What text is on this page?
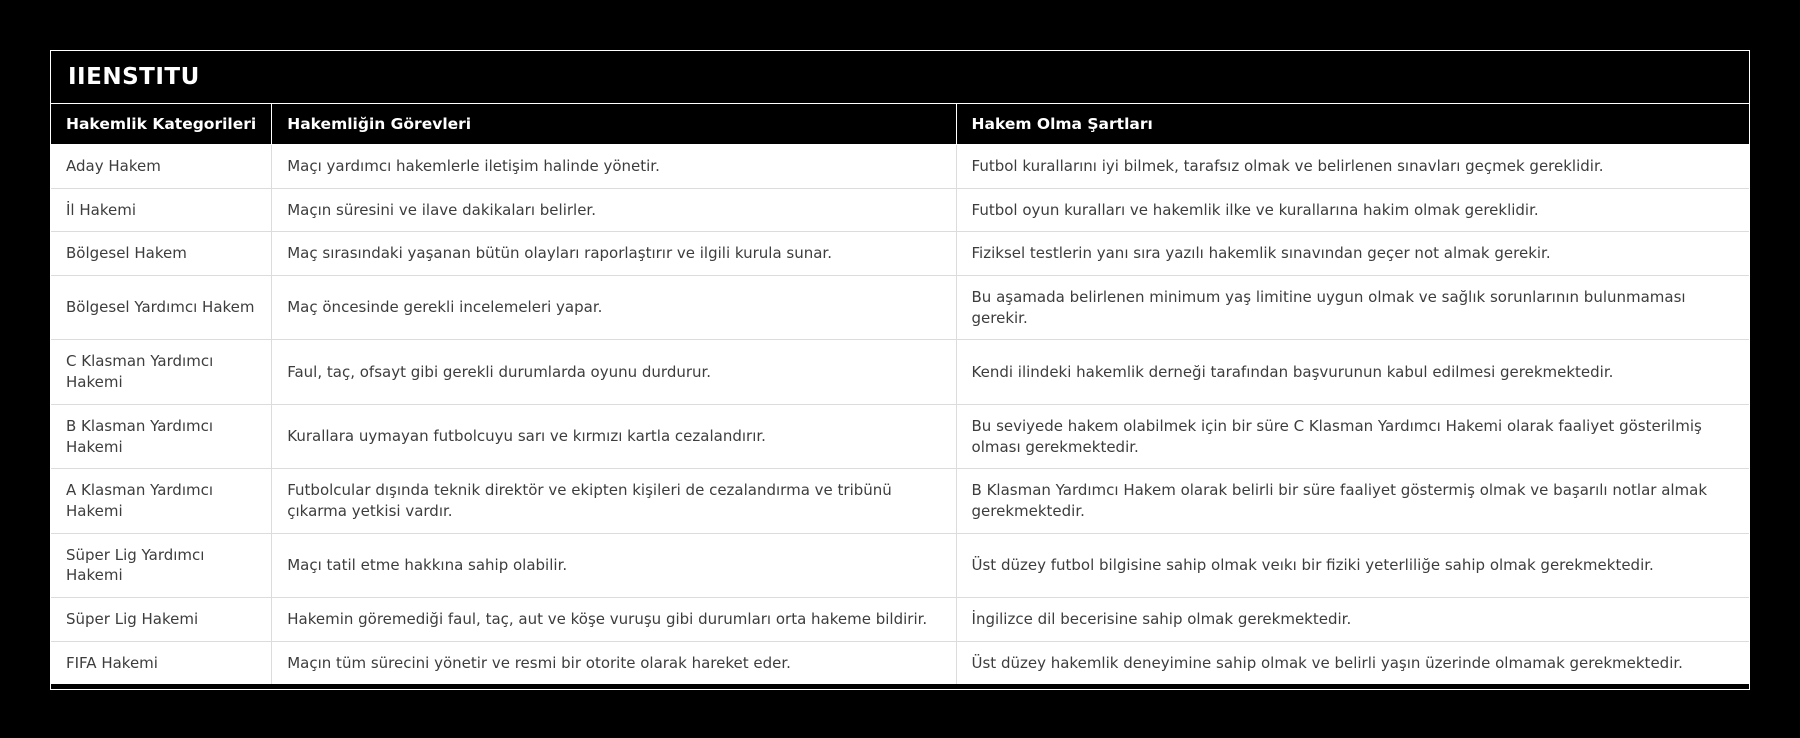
IIENSTITU
Hakemlik Kategorileri	Hakemliğin Görevleri	Hakem Olma Şartları
Aday Hakem	Maçı yardımcı hakemlerle iletişim halinde yönetir.	Futbol kurallarını iyi bilmek, tarafsız olmak ve belirlenen sınavları geçmek gereklidir.
İl Hakemi	Maçın süresini ve ilave dakikaları belirler.	Futbol oyun kuralları ve hakemlik ilke ve kurallarına hakim olmak gereklidir.
Bölgesel Hakem	Maç sırasındaki yaşanan bütün olayları raporlaştırır ve ilgili kurula sunar.	Fiziksel testlerin yanı sıra yazılı hakemlik sınavından geçer not almak gerekir.
Bölgesel Yardımcı Hakem	Maç öncesinde gerekli incelemeleri yapar.	Bu aşamada belirlenen minimum yaş limitine uygun olmak ve sağlık sorunlarının bulunmaması gerekir.
C Klasman Yardımcı Hakemi	Faul, taç, ofsayt gibi gerekli durumlarda oyunu durdurur.	Kendi ilindeki hakemlik derneği tarafından başvurunun kabul edilmesi gerekmektedir.
B Klasman Yardımcı Hakemi	Kurallara uymayan futbolcuyu sarı ve kırmızı kartla cezalandırır.	Bu seviyede hakem olabilmek için bir süre C Klasman Yardımcı Hakemi olarak faaliyet gösterilmiş olması gerekmektedir.
A Klasman Yardımcı Hakemi	Futbolcular dışında teknik direktör ve ekipten kişileri de cezalandırma ve tribünü çıkarma yetkisi vardır.	B Klasman Yardımcı Hakem olarak belirli bir süre faaliyet göstermiş olmak ve başarılı notlar almak gerekmektedir.
Süper Lig Yardımcı Hakemi	Maçı tatil etme hakkına sahip olabilir.	Üst düzey futbol bilgisine sahip olmak veıkı bir fiziki yeterliliğe sahip olmak gerekmektedir.
Süper Lig Hakemi	Hakemin göremediği faul, taç, aut ve köşe vuruşu gibi durumları orta hakeme bildirir.	İngilizce dil becerisine sahip olmak gerekmektedir.
FIFA Hakemi	Maçın tüm sürecini yönetir ve resmi bir otorite olarak hareket eder.	Üst düzey hakemlik deneyimine sahip olmak ve belirli yaşın üzerinde olmamak gerekmektedir.
